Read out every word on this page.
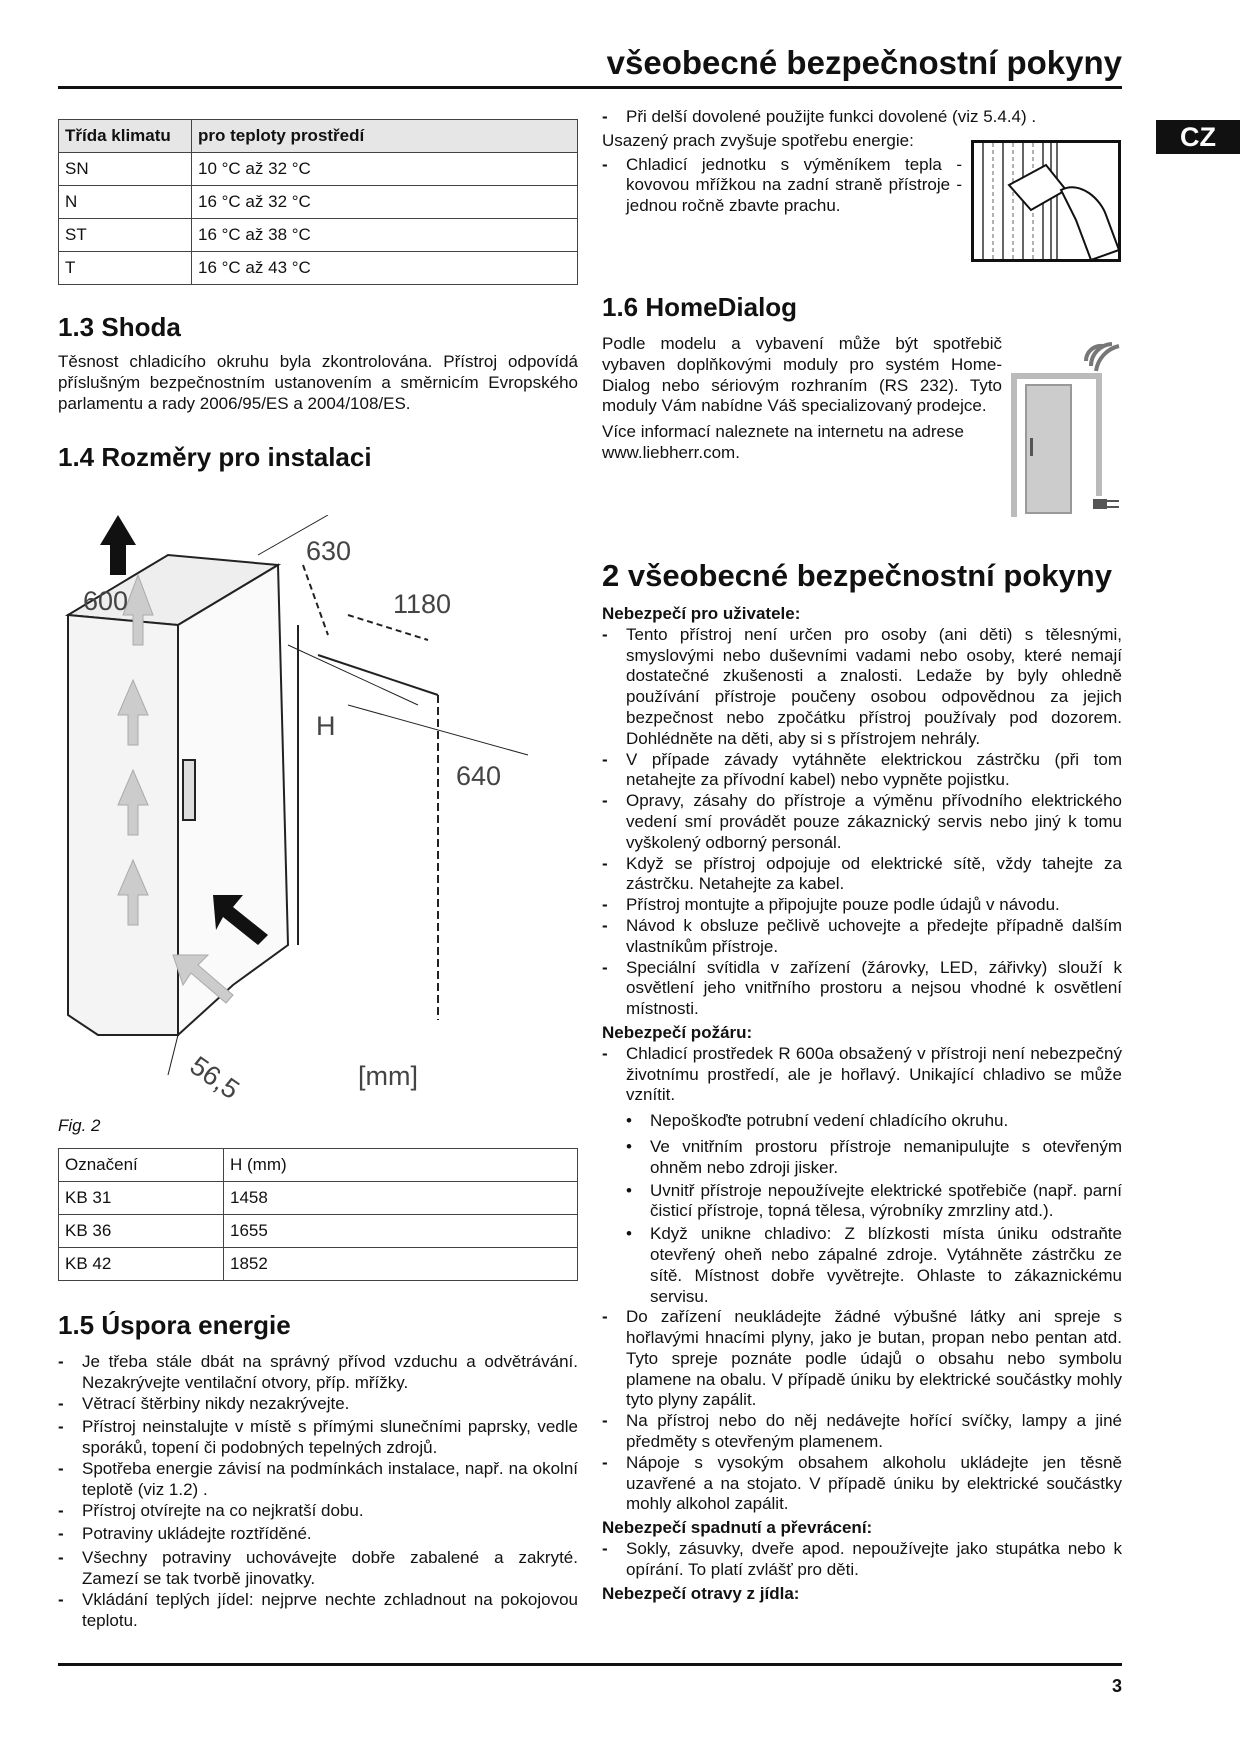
všeobecné bezpečnostní pokyny
CZ
Třída klimatu	pro teploty prostředí
SN	10 °C až 32 °C
N	16 °C až 32 °C
ST	16 °C až 38 °C
T	16 °C až 43 °C
1.3 Shoda

Těsnost chladicího okruhu byla zkontrolována. Přístroj odpovídá příslušným bezpečnostním ustanovením a směrnicím Evropského parlamentu a rady 2006/95/ES a 2004/108/ES.

1.4 Rozměry pro instalaci
600
630
1180
H
640
56,5	[mm]
Fig. 2
Označení	H (mm)
KB 31	1458
KB 36	1655
KB 42	1852
1.5 Úspora energie
- Je třeba stále dbát na správný přívod vzduchu a odvětrávání. Nezakrývejte ventilační otvory, příp. mřížky.
- Větrací štěrbiny nikdy nezakrývejte.
- Přístroj neinstalujte v místě s přímými slunečními paprsky, vedle sporáků, topení či podobných tepelných zdrojů.
- Spotřeba energie závisí na podmínkách instalace, např. na okolní teplotě (viz 1.2) .
- Přístroj otvírejte na co nejkratší dobu.
- Potraviny ukládejte roztříděné.
- Všechny potraviny uchovávejte dobře zabalené a zakryté. Zamezí se tak tvorbě jinovatky.
- Vkládání teplých jídel: nejprve nechte zchladnout na pokojovou teplotu.
- Při delší dovolené použijte funkci dovolené (viz 5.4.4) .

Usazený prach zvyšuje spotřebu energie:

- Chladicí jednotku s výměníkem tepla - kovovou mřížkou na zadní straně přístroje - jednou ročně zbavte prachu.
1.6 HomeDialog

Podle modelu a vybavení může být spotřebič vybaven doplňkovými moduly pro systém Home-Dialog nebo sériovým rozhraním (RS 232). Tyto moduly Vám nabídne Váš specializovaný prodejce.

Více informací naleznete na internetu na adrese www.liebherr.com.

2 všeobecné bezpečnostní pokyny
Nebezpečí pro uživatele:
- Tento přístroj není určen pro osoby (ani děti) s tělesnými, smyslovými nebo duševními vadami nebo osoby, které nemají dostatečné zkušenosti a znalosti. Ledaže by byly ohledně používání přístroje poučeny osobou odpovědnou za jejich bezpečnost nebo zpočátku přístroj používaly pod dozorem. Dohlédněte na děti, aby si s přístrojem nehrály.
- V případe závady vytáhněte elektrickou zástrčku (při tom netahejte za přívodní kabel) nebo vypněte pojistku.
- Opravy, zásahy do přístroje a výměnu přívodního elektrického vedení smí provádět pouze zákaznický servis nebo jiný k tomu vyškolený odborný personál.
- Když se přístroj odpojuje od elektrické sítě, vždy tahejte za zástrčku. Netahejte za kabel.
- Přístroj montujte a připojujte pouze podle údajů v návodu.
- Návod k obsluze pečlivě uchovejte a předejte případně dalším vlastníkům přístroje.
- Speciální svítidla v zařízení (žárovky, LED, zářivky) slouží k osvětlení jeho vnitřního prostoru a nejsou vhodné k osvětlení místnosti.
Nebezpečí požáru:
- Chladicí prostředek R 600a obsažený v přístroji není nebezpečný životnímu prostředí, ale je hořlavý. Unikající chladivo se může vznítit.
• Nepoškoďte potrubní vedení chladícího okruhu.
• Ve vnitřním prostoru přístroje nemanipulujte s otevřeným ohněm nebo zdroji jisker.
• Uvnitř přístroje nepoužívejte elektrické spotřebiče (např. parní čisticí přístroje, topná tělesa, výrobníky zmrzliny atd.).
• Když unikne chladivo: Z blízkosti místa úniku odstraňte otevřený oheň nebo zápalné zdroje. Vytáhněte zástrčku ze sítě. Místnost dobře vyvětrejte. Ohlaste to zákaznickému servisu.
- Do zařízení neukládejte žádné výbušné látky ani spreje s hořlavými hnacími plyny, jako je butan, propan nebo pentan atd. Tyto spreje poznáte podle údajů o obsahu nebo symbolu plamene na obalu. V případě úniku by elektrické součástky mohly tyto plyny zapálit.
- Na přístroj nebo do něj nedávejte hořící svíčky, lampy a jiné předměty s otevřeným plamenem.
- Nápoje s vysokým obsahem alkoholu ukládejte jen těsně uzavřené a na stojato. V případě úniku by elektrické součástky mohly alkohol zapálit.
Nebezpečí spadnutí a převrácení:
- Sokly, zásuvky, dveře apod. nepoužívejte jako stupátka nebo k opírání. To platí zvlášť pro děti.
Nebezpečí otravy z jídla:
3
